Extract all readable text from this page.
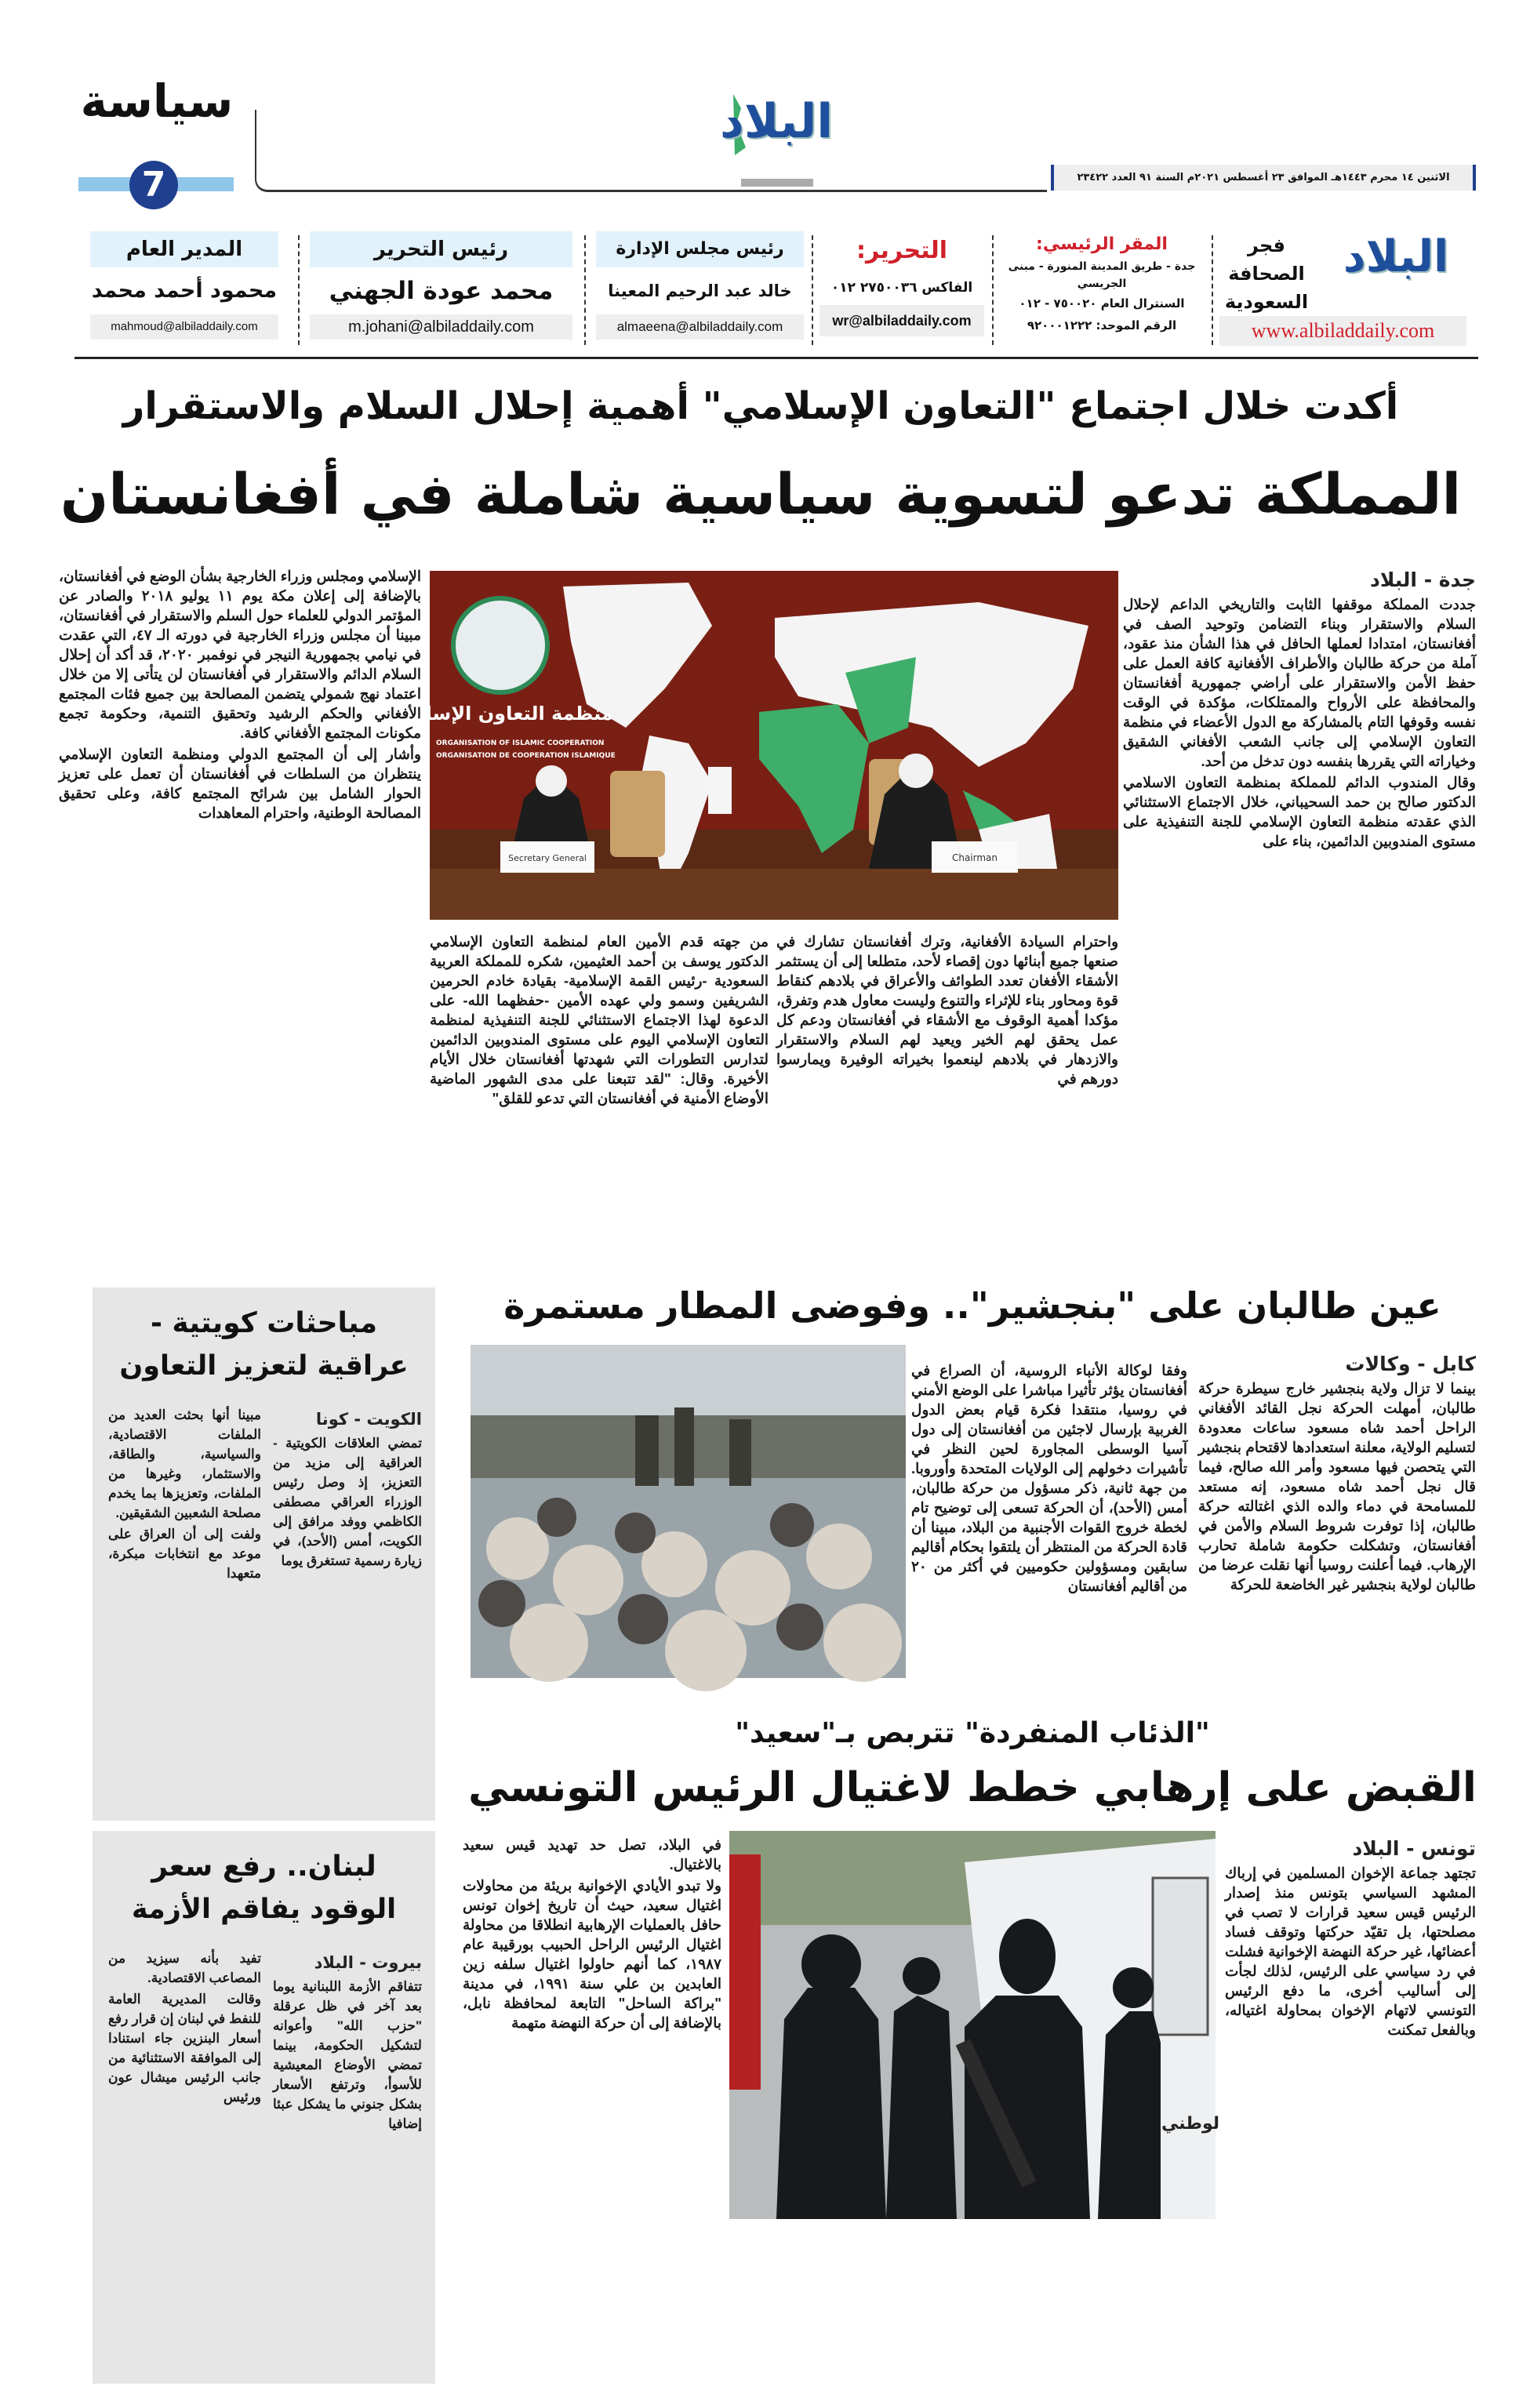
سياسة
7
البلاد
الاثنين ١٤ محرم ١٤٤٣هـ الموافق ٢٣ أغسطس ٢٠٢١م السنة ٩١ العدد ٢٣٤٢٢
البلاد
فجر
الصحافة
السعودية
www.albiladdaily.com
المقر الرئيسي:
جدة - طريق المدينة المنورة - مبنى الجريسي
السنترال العام ٧٥٠٠٢٠ - ٠١٢
الرقم الموحد: ٩٢٠٠٠١٢٢٢
التحرير:
الفاكس ٢٧٥٠٠٣٦ ٠١٢
wr@albiladdaily.com
رئيس مجلس الإدارة
خالد عبد الرحيم المعينا
almaeena@albiladdaily.com
رئيس التحرير
محمد عودة الجهني
m.johani@albiladdaily.com
المدير العام
محمود أحمد محمد
mahmoud@albiladdaily.com
أكدت خلال اجتماع "التعاون الإسلامي" أهمية إحلال السلام والاستقرار
المملكة تدعو لتسوية سياسية شاملة في أفغانستان
جدة - البلاد

جددت المملكة موقفها الثابت والتاريخي الداعم لإحلال السلام والاستقرار وبناء التضامن وتوحيد الصف في أفغانستان، امتدادا لعملها الحافل في هذا الشأن منذ عقود، آملة من حركة طالبان والأطراف الأفغانية كافة العمل على حفظ الأمن والاستقرار على أراضي جمهورية أفغانستان والمحافظة على الأرواح والممتلكات، مؤكدة في الوقت نفسه وقوفها التام بالمشاركة مع الدول الأعضاء في منظمة التعاون الإسلامي إلى جانب الشعب الأفغاني الشقيق وخياراته التي يقررها بنفسه دون تدخل من أحد.

وقال المندوب الدائم للمملكة بمنظمة التعاون الاسلامي الدكتور صالح بن حمد السحيباني، خلال الاجتماع الاستثنائي الذي عقدته منظمة التعاون الإسلامي للجنة التنفيذية على مستوى المندوبين الدائمين، بناء على

Secretary General	Chairman
منظمة التعاون الإسلامي
ORGANISATION OF ISLAMIC COOPERATION
ORGANISATION DE COOPERATION ISLAMIQUE

واحترام السيادة الأفغانية، وترك أفغانستان تشارك في صنعها جميع أبنائها دون إقصاء لأحد، متطلعا إلى أن يستثمر الأشقاء الأفغان تعدد الطوائف والأعراق في بلادهم كنقاط قوة ومحاور بناء للإثراء والتنوع وليست معاول هدم وتفرق، مؤكدا أهمية الوقوف مع الأشقاء في أفغانستان ودعم كل عمل يحقق لهم الخير ويعيد لهم السلام والاستقرار والازدهار في بلادهم لينعموا بخيراته الوفيرة ويمارسوا دورهم في

من جهته قدم الأمين العام لمنظمة التعاون الإسلامي الدكتور يوسف بن أحمد العثيمين، شكره للمملكة العربية السعودية -رئيس القمة الإسلامية- بقيادة خادم الحرمين الشريفين وسمو ولي عهده الأمين -حفظهما الله- على الدعوة لهذا الاجتماع الاستثنائي للجنة التنفيذية لمنظمة التعاون الإسلامي اليوم على مستوى المندوبين الدائمين لتدارس التطورات التي شهدتها أفغانستان خلال الأيام الأخيرة. وقال: "لقد تتبعنا على مدى الشهور الماضية الأوضاع الأمنية في أفغانستان التي تدعو للقلق"

الإسلامي ومجلس وزراء الخارجية بشأن الوضع في أفغانستان، بالإضافة إلى إعلان مكة يوم ١١ يوليو ٢٠١٨ والصادر عن المؤتمر الدولي للعلماء حول السلم والاستقرار في أفغانستان، مبينا أن مجلس وزراء الخارجية في دورته الـ ٤٧، التي عقدت في نيامي بجمهورية النيجر في نوفمبر ٢٠٢٠، قد أكد أن إحلال السلام الدائم والاستقرار في أفغانستان لن يتأتى إلا من خلال اعتماد نهج شمولي يتضمن المصالحة بين جميع فئات المجتمع الأفغاني والحكم الرشيد وتحقيق التنمية، وحكومة تجمع مكونات المجتمع الأفغاني كافة.

وأشار إلى أن المجتمع الدولي ومنظمة التعاون الإسلامي ينتظران من السلطات في أفغانستان أن تعمل على تعزيز الحوار الشامل بين شرائح المجتمع كافة، وعلى تحقيق المصالحة الوطنية، واحترام المعاهدات

مباحثات كويتية -
عراقية لتعزيز التعاون
الكويت - كونا

تمضي العلاقات الكويتية - العراقية إلى مزيد من التعزيز، إذ وصل رئيس الوزراء العراقي مصطفى الكاظمي ووفد مرافق إلى الكويت، أمس (الأحد)، في زيارة رسمية تستغرق يوما

مبينا أنها بحثت العديد من الملفات الاقتصادية، والسياسية، والطاقة، والاستثمار، وغيرها من الملفات، وتعزيزها بما يخدم مصلحة الشعبين الشقيقين.

ولفت إلى أن العراق على موعد مع انتخابات مبكرة، متعهدا

لبنان.. رفع سعر
الوقود يفاقم الأزمة
بيروت - البلاد

تتفاقم الأزمة اللبنانية يوما بعد آخر في ظل عرقلة "حزب الله" وأعوانه لتشكيل الحكومة، بينما تمضي الأوضاع المعيشية للأسوأ، وترتفع الأسعار بشكل جنوني ما يشكل عبئا إضافيا

تفيد بأنه سيزيد من المصاعب الاقتصادية.

وقالت المديرية العامة للنفط في لبنان إن قرار رفع أسعار البنزين جاء استنادا إلى الموافقة الاستثنائية من جانب الرئيس ميشال عون ورئيس

عين طالبان على "بنجشير".. وفوضى المطار مستمرة
كابل - وكالات

بينما لا تزال ولاية بنجشير خارج سيطرة حركة طالبان، أمهلت الحركة نجل القائد الأفغاني الراحل أحمد شاه مسعود ساعات معدودة لتسليم الولاية، معلنة استعدادها لاقتحام بنجشير التي يتحصن فيها مسعود وأمر الله صالح، فيما قال نجل أحمد شاه مسعود، إنه مستعد للمسامحة في دماء والده الذي اغتالته حركة طالبان، إذا توفرت شروط السلام والأمن في أفغانستان، وتشكلت حكومة شاملة تحارب الإرهاب. فيما أعلنت روسيا أنها نقلت عرضا من طالبان لولاية بنجشير غير الخاضعة للحركة

وفقا لوكالة الأنباء الروسية، أن الصراع في أفغانستان يؤثر تأثيرا مباشرا على الوضع الأمني في روسيا، منتقدا فكرة قيام بعض الدول الغربية بإرسال لاجئين من أفغانستان إلى دول آسيا الوسطى المجاورة لحين النظر في تأشيرات دخولهم إلى الولايات المتحدة وأوروبا. من جهة ثانية، ذكر مسؤول من حركة طالبان، أمس (الأحد)، أن الحركة تسعى إلى توضيح تام لخطة خروج القوات الأجنبية من البلاد، مبينا أن قادة الحركة من المنتظر أن يلتقوا بحكام أقاليم سابقين ومسؤولين حكوميين في أكثر من ٢٠ من أقاليم أفغانستان

"الذئاب المنفردة" تتربص بـ"سعيد"
القبض على إرهابي خطط لاغتيال الرئيس التونسي
لوطني
تونس - البلاد

تجتهد جماعة الإخوان المسلمين في إرباك المشهد السياسي بتونس منذ إصدار الرئيس قيس سعيد قرارات لا تصب في مصلحتها، بل تقيّد حركتها وتوقف فساد أعضائها، غير حركة النهضة الإخوانية فشلت في رد سياسي على الرئيس، لذلك لجأت إلى أساليب أخرى، ما دفع الرئيس التونسي لاتهام الإخوان بمحاولة اغتياله، وبالفعل تمكنت

في البلاد، تصل حد تهديد قيس سعيد بالاغتيال.

ولا تبدو الأيادي الإخوانية بريئة من محاولات اغتيال سعيد، حيث أن تاريخ إخوان تونس حافل بالعمليات الإرهابية انطلاقا من محاولة اغتيال الرئيس الراحل الحبيب بورقيبة عام ١٩٨٧، كما أنهم حاولوا اغتيال سلفه زين العابدين بن علي سنة ١٩٩١، في مدينة "براكة الساحل" التابعة لمحافظة نابل، بالإضافة إلى أن حركة النهضة متهمة
